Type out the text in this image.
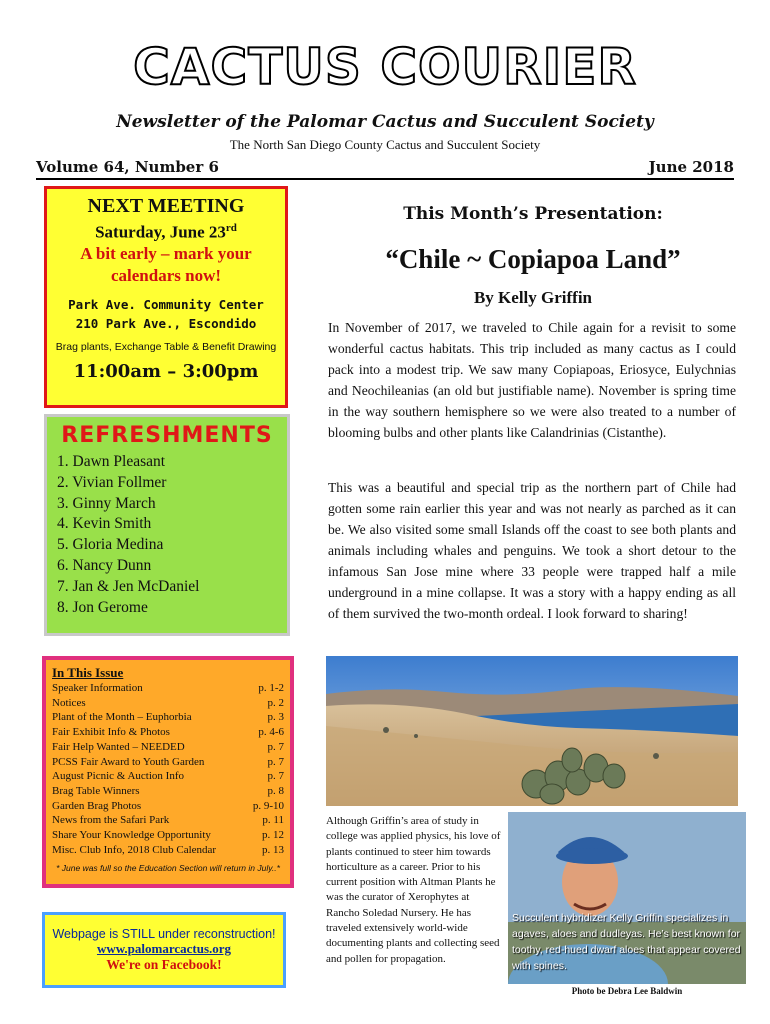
CACTUS COURIER
Newsletter of the Palomar Cactus and Succulent Society
The North San Diego County Cactus and Succulent Society
Volume 64, Number 6	June 2018
NEXT MEETING
Saturday, June 23rd
A bit early – mark your
calendars now!
Park Ave. Community Center
210 Park Ave., Escondido
Brag plants, Exchange Table & Benefit Drawing
11:00am – 3:00pm
REFRESHMENTS
1. Dawn Pleasant
2. Vivian Follmer
3. Ginny March
4. Kevin Smith
5. Gloria Medina
6. Nancy Dunn
7. Jan & Jen McDaniel
8. Jon Gerome
In This Issue
Speaker Information	p. 1-2
Notices	p. 2
Plant of the Month – Euphorbia	p. 3
Fair Exhibit Info & Photos	p. 4-6
Fair Help Wanted – NEEDED	p. 7
PCSS Fair Award to Youth Garden	p. 7
August Picnic & Auction Info	p. 7
Brag Table Winners	p. 8
Garden Brag Photos	p. 9-10
News from the Safari Park	p. 11
Share Your Knowledge Opportunity	p. 12
Misc. Club Info, 2018 Club Calendar	p. 13
* June was full so the Education Section will return in July..*
Webpage is STILL under reconstruction!
www.palomarcactus.org
We're on Facebook!
This Month’s Presentation:
“Chile ~ Copiapoa Land”
By Kelly Griffin
In November of 2017, we traveled to Chile again for a revisit to some wonderful cactus habitats. This trip included as many cactus as I could pack into a modest trip. We saw many Copiapoas, Eriosyce, Eulychnias and Neochileanias (an old but justifiable name). November is spring time in the way southern hemisphere so we were also treated to a number of blooming bulbs and other plants like Calandrinias (Cistanthe).
This was a beautiful and special trip as the northern part of Chile had gotten some rain earlier this year and was not nearly as parched as it can be. We also visited some small Islands off the coast to see both plants and animals including whales and penguins. We took a short detour to the infamous San Jose mine where 33 people were trapped half a mile underground in a mine collapse. It was a story with a happy ending as all of them survived the two-month ordeal. I look forward to sharing!
Although Griffin’s area of study in college was applied physics, his love of plants continued to steer him towards horticulture as a career. Prior to his current position with Altman Plants he was the curator of Xerophytes at Rancho Soledad Nursery. He has traveled extensively world-wide documenting plants and collecting seed and pollen for propagation.
Succulent hybridizer Kelly Griffin specializes in agaves, aloes and dudleyas. He’s best known for toothy, red-hued dwarf aloes that appear covered with spines.
Photo be Debra Lee Baldwin
